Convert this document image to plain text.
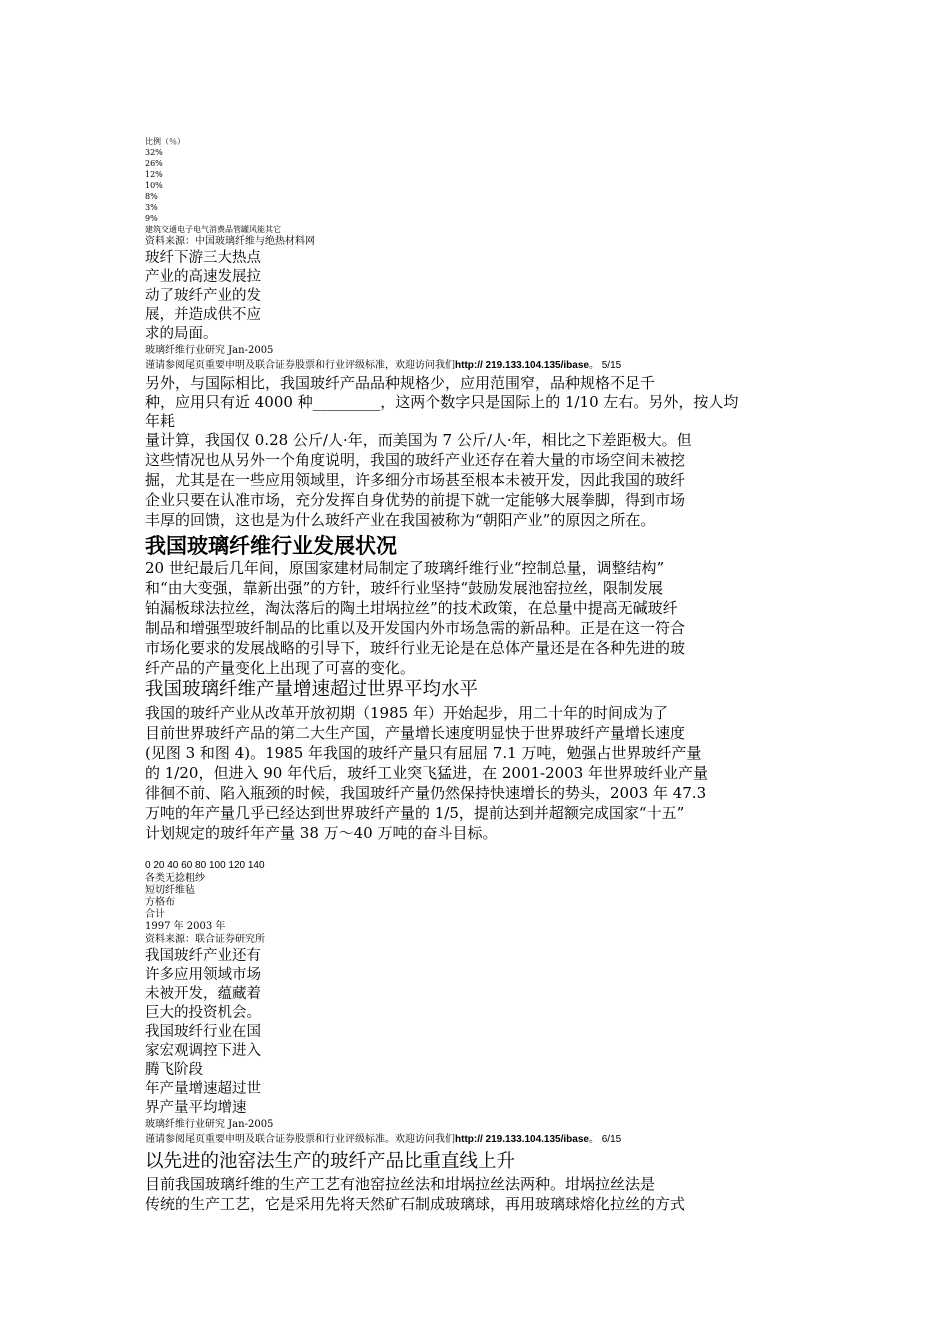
比例（％）
32%
26%
12%
10%
8%
3%
9%
建筑交通电子电气消费品管罐风能其它
资料来源：中国玻璃纤维与绝热材料网
玻纤下游三大热点
产业的高速发展拉
动了玻纤产业的发
展，并造成供不应
求的局面。
玻璃纤维行业研究 Jan-2005
谨请参阅尾页重要申明及联合证券股票和行业评级标准，欢迎访问我们http:// 219.133.104.135/ibase。 5/15
另外，与国际相比，我国玻纤产品品种规格少，应用范围窄，品种规格不足千
种，应用只有近 4000 种_________，这两个数字只是国际上的 1/10 左右。另外，按人均
年耗
量计算，我国仅 0.28 公斤/人·年，而美国为 7 公斤/人·年，相比之下差距极大。但
这些情况也从另外一个角度说明，我国的玻纤产业还存在着大量的市场空间未被挖
掘，尤其是在一些应用领域里，许多细分市场甚至根本未被开发，因此我国的玻纤
企业只要在认准市场，充分发挥自身优势的前提下就一定能够大展拳脚，得到市场
丰厚的回馈，这也是为什么玻纤产业在我国被称为“朝阳产业”的原因之所在。
我国玻璃纤维行业发展状况
20 世纪最后几年间，原国家建材局制定了玻璃纤维行业“控制总量，调整结构”
和“由大变强，靠新出强”的方针，玻纤行业坚持“鼓励发展池窑拉丝，限制发展
铂漏板球法拉丝，淘汰落后的陶土坩埚拉丝”的技术政策，在总量中提高无碱玻纤
制品和增强型玻纤制品的比重以及开发国内外市场急需的新品种。正是在这一符合
市场化要求的发展战略的引导下，玻纤行业无论是在总体产量还是在各种先进的玻
纤产品的产量变化上出现了可喜的变化。
我国玻璃纤维产量增速超过世界平均水平
我国的玻纤产业从改革开放初期（1985 年）开始起步，用二十年的时间成为了
目前世界玻纤产品的第二大生产国，产量增长速度明显快于世界玻纤产量增长速度
(见图 3 和图 4)。1985 年我国的玻纤产量只有屈屈 7.1 万吨，勉强占世界玻纤产量
的 1/20，但进入 90 年代后，玻纤工业突飞猛进，在 2001-2003 年世界玻纤业产量
徘徊不前、陷入瓶颈的时候，我国玻纤产量仍然保持快速增长的势头，2003 年 47.3
万吨的年产量几乎已经达到世界玻纤产量的 1/5，提前达到并超额完成国家“十五”
计划规定的玻纤年产量 38 万～40 万吨的奋斗目标。
0 20 40 60 80 100 120 140
各类无捻粗纱
短切纤维毡
方格布
合计
1997 年 2003 年
资料来源：联合证券研究所
我国玻纤产业还有
许多应用领域市场
未被开发，蕴藏着
巨大的投资机会。
我国玻纤行业在国
家宏观调控下进入
腾飞阶段
年产量增速超过世
界产量平均增速
玻璃纤维行业研究 Jan-2005
谨请参阅尾页重要申明及联合证券股票和行业评级标准。欢迎访问我们http:// 219.133.104.135/ibase。 6/15
以先进的池窑法生产的玻纤产品比重直线上升
目前我国玻璃纤维的生产工艺有池窑拉丝法和坩埚拉丝法两种。坩埚拉丝法是
传统的生产工艺，它是采用先将天然矿石制成玻璃球，再用玻璃球熔化拉丝的方式
